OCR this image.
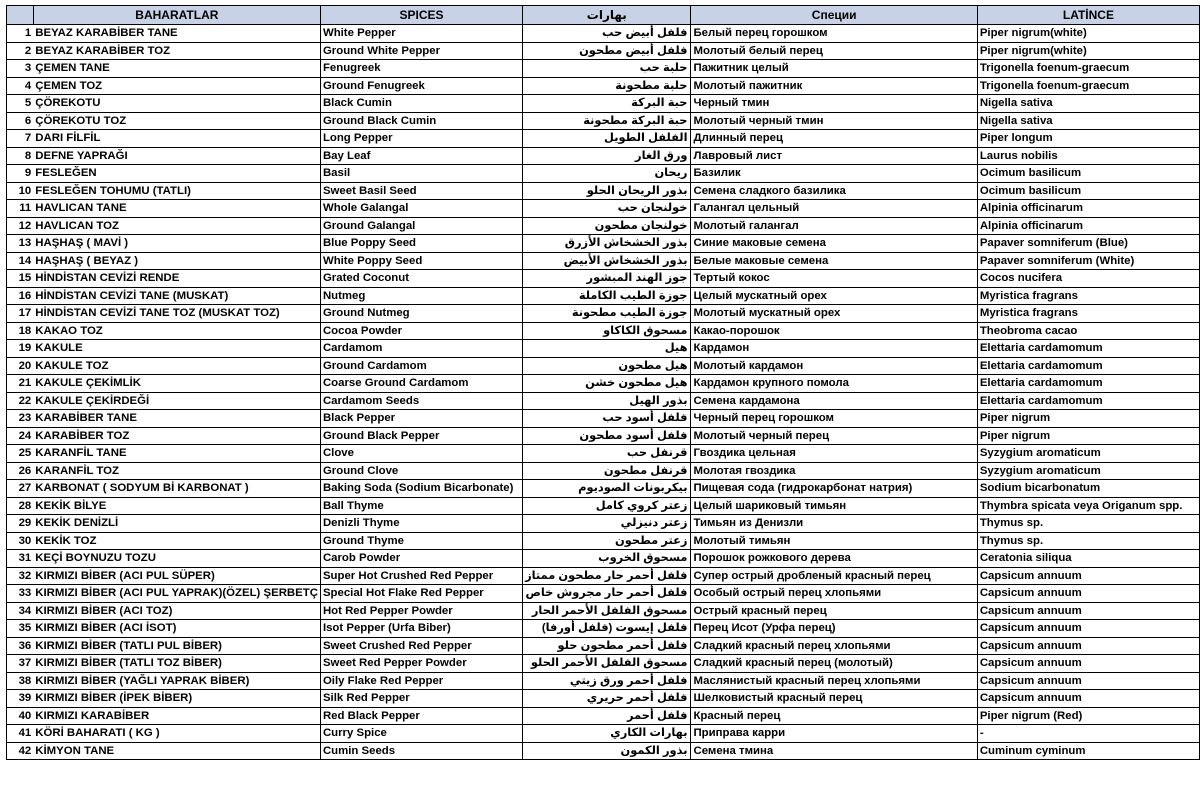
	BAHARATLAR	SPICES	بهارات	Специи	LATİNCE
1	BEYAZ KARABİBER TANE	White Pepper	فلفل أبيض حب	Белый перец горошком	Piper nigrum(white)
2	BEYAZ KARABİBER TOZ	Ground White Pepper	فلفل أبيض مطحون	Молотый белый перец	Piper nigrum(white)
3	ÇEMEN TANE	Fenugreek	حلبة حب	Пажитник целый	Trigonella foenum-graecum
4	ÇEMEN TOZ	Ground Fenugreek	حلبة مطحونة	Молотый пажитник	Trigonella foenum-graecum
5	ÇÖREKOTU	Black Cumin	حبة البركة	Черный тмин	Nigella sativa
6	ÇÖREKOTU TOZ	Ground Black Cumin	حبة البركة مطحونة	Молотый черный тмин	Nigella sativa
7	DARI FİLFİL	Long Pepper	الفلفل الطويل	Длинный перец	Piper longum
8	DEFNE YAPRAĞI	Bay Leaf	ورق الغار	Лавровый лист	Laurus nobilis
9	FESLEĞEN	Basil	ريحان	Базилик	Ocimum basilicum
10	FESLEĞEN TOHUMU (TATLI)	Sweet Basil Seed	بذور الريحان الحلو	Семена сладкого базилика	Ocimum basilicum
11	HAVLICAN TANE	Whole Galangal	خولنجان حب	Галангал цельный	Alpinia officinarum
12	HAVLICAN TOZ	Ground Galangal	خولنجان مطحون	Молотый галангал	Alpinia officinarum
13	HAŞHAŞ ( MAVİ )	Blue Poppy Seed	بذور الخشخاش الأزرق	Синие маковые семена	Papaver somniferum (Blue)
14	HAŞHAŞ ( BEYAZ )	White Poppy Seed	بذور الخشخاش الأبيض	Белые маковые семена	Papaver somniferum (White)
15	HİNDİSTAN CEVİZİ RENDE	Grated Coconut	جوز الهند المبشور	Тертый кокос	Cocos nucifera
16	HİNDİSTAN CEVİZİ TANE (MUSKAT)	Nutmeg	جوزة الطيب الكاملة	Целый мускатный орех	Myristica fragrans
17	HİNDİSTAN CEVİZİ TANE TOZ (MUSKAT TOZ)	Ground Nutmeg	جوزة الطيب مطحونة	Молотый мускатный орех	Myristica fragrans
18	KAKAO TOZ	Cocoa Powder	مسحوق الكاكاو	Какао-порошок	Theobroma cacao
19	KAKULE	Cardamom	هيل	Кардамон	Elettaria cardamomum
20	KAKULE TOZ	Ground Cardamom	هيل مطحون	Молотый кардамон	Elettaria cardamomum
21	KAKULE ÇEKİMLİK	Coarse Ground Cardamom	هيل مطحون خشن	Кардамон крупного помола	Elettaria cardamomum
22	KAKULE ÇEKİRDEĞİ	Cardamom Seeds	بذور الهيل	Семена кардамона	Elettaria cardamomum
23	KARABİBER TANE	Black Pepper	فلفل أسود حب	Черный перец горошком	Piper nigrum
24	KARABİBER TOZ	Ground Black Pepper	فلفل أسود مطحون	Молотый черный перец	Piper nigrum
25	KARANFİL TANE	Clove	قرنفل حب	Гвоздика цельная	Syzygium aromaticum
26	KARANFİL TOZ	Ground Clove	قرنفل مطحون	Молотая гвоздика	Syzygium aromaticum
27	KARBONAT ( SODYUM Bİ KARBONAT )	Baking Soda (Sodium Bicarbonate)	بيكربونات الصوديوم	Пищевая сода (гидрокарбонат натрия)	Sodium bicarbonatum
28	KEKİK BİLYE	Ball Thyme	زعتر كروي كامل	Целый шариковый тимьян	Thymbra spicata veya Origanum spp.
29	KEKİK DENİZLİ	Denizli Thyme	زعتر دنيزلي	Тимьян из Денизли	Thymus sp.
30	KEKİK TOZ	Ground Thyme	زعتر مطحون	Молотый тимьян	Thymus sp.
31	KEÇİ BOYNUZU TOZU	Carob Powder	مسحوق الخروب	Порошок рожкового дерева	Ceratonia siliqua
32	KIRMIZI BİBER (ACI PUL SÜPER)	Super Hot Crushed Red Pepper	فلفل أحمر حار مطحون ممتاز	Супер острый дробленый красный перец	Capsicum annuum
33	KIRMIZI BİBER (ACI PUL YAPRAK)(ÖZEL) ŞERBETÇ	Special Hot Flake Red Pepper	فلفل أحمر حار مجروش خاص	Особый острый перец хлопьями	Capsicum annuum
34	KIRMIZI BİBER (ACI TOZ)	Hot Red Pepper Powder	مسحوق الفلفل الأحمر الحار	Острый красный перец	Capsicum annuum
35	KIRMIZI BİBER (ACI İSOT)	Isot Pepper (Urfa Biber)	فلفل إيسوت (فلفل أورفا)	Перец Исот (Урфа перец)	Capsicum annuum
36	KIRMIZI BİBER (TATLI PUL BİBER)	Sweet Crushed Red Pepper	فلفل أحمر مطحون حلو	Сладкий красный перец хлопьями	Capsicum annuum
37	KIRMIZI BİBER (TATLI TOZ BİBER)	Sweet Red Pepper Powder	مسحوق الفلفل الأحمر الحلو	Сладкий красный перец (молотый)	Capsicum annuum
38	KIRMIZI BİBER (YAĞLI YAPRAK BİBER)	Oily Flake Red Pepper	فلفل أحمر ورق زيتي	Маслянистый красный перец хлопьями	Capsicum annuum
39	KIRMIZI BİBER (İPEK BİBER)	Silk Red Pepper	فلفل أحمر حريري	Шелковистый красный перец	Capsicum annuum
40	KIRMIZI KARABİBER	Red Black Pepper	فلفل أحمر	Красный перец	Piper nigrum (Red)
41	KÖRİ BAHARATI ( KG )	Curry Spice	بهارات الكاري	Приправа карри	-
42	KİMYON TANE	Cumin Seeds	بذور الكمون	Семена тмина	Cuminum cyminum
